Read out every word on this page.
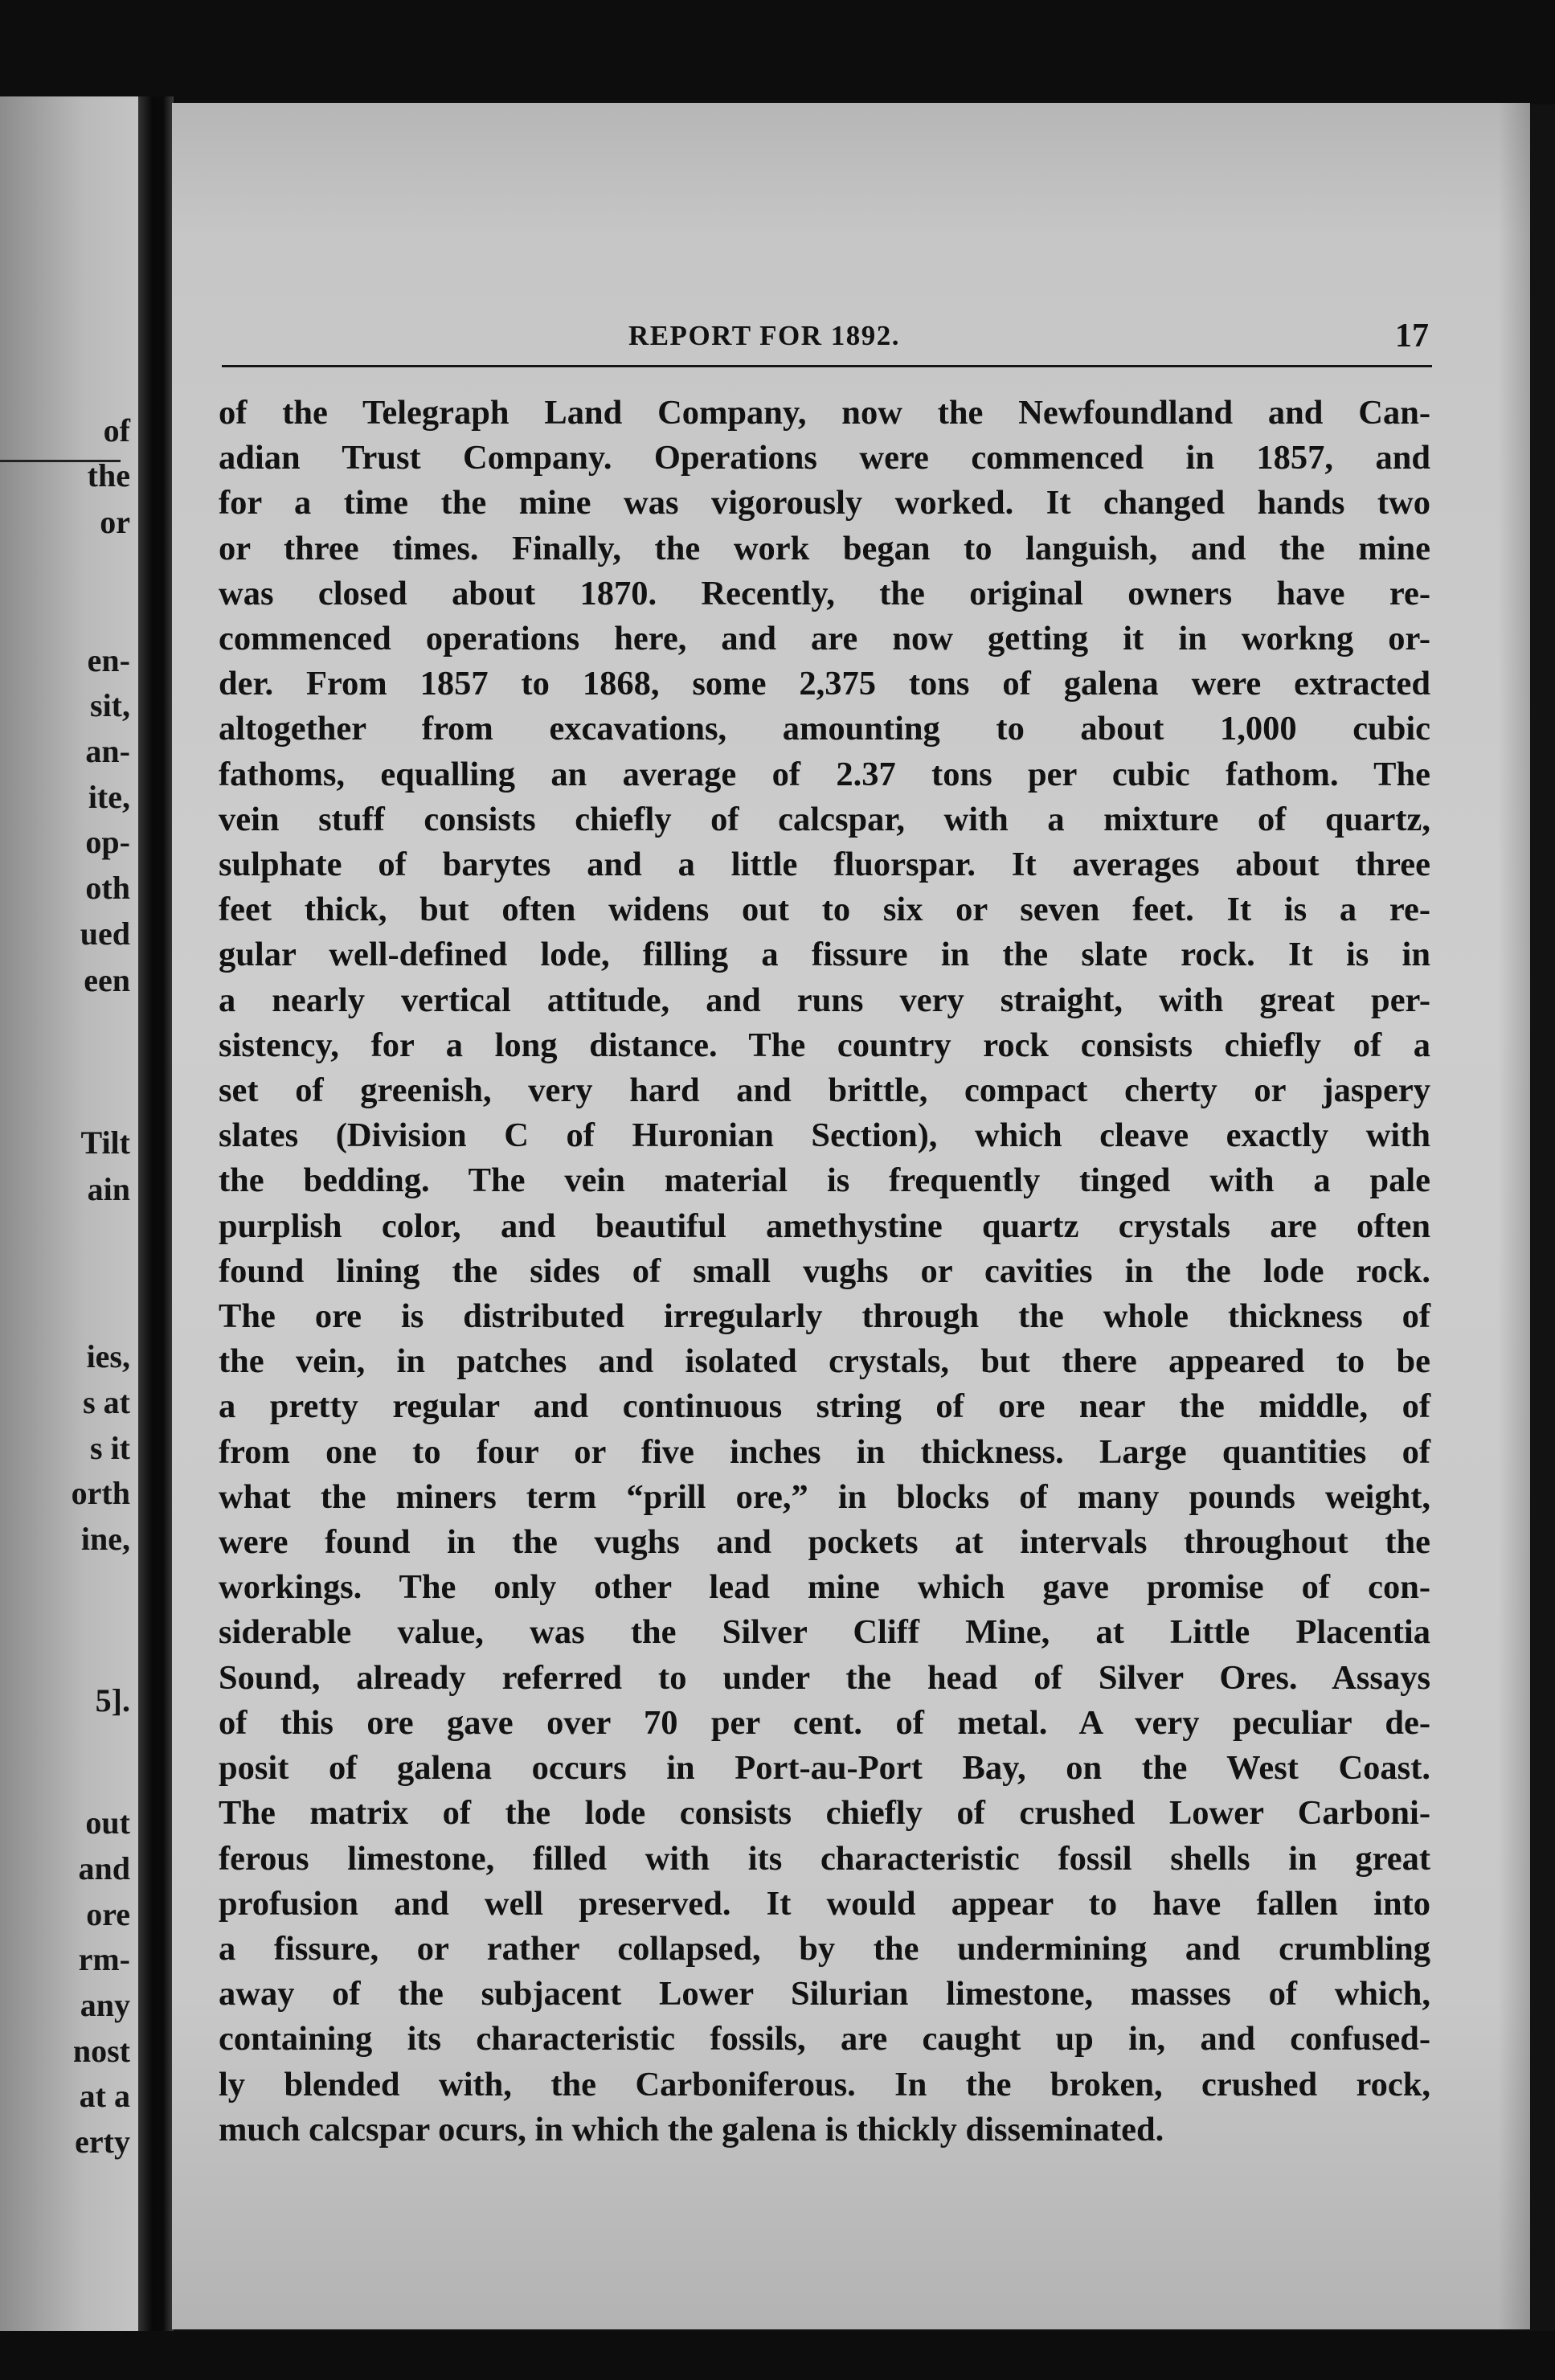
of

the

or

en-

sit,

an-

ite,

op-

oth

ued

een

Tilt

ain

ies,

s at

s it

orth

ine,

5].

out

and

ore

rm-

any

nost

at a

erty

REPORT FOR 1892.	17

of the Telegraph Land Company, now the Newfoundland and Can-
adian Trust Company. Operations were commenced in 1857, and
for a time the mine was vigorously worked. It changed hands two
or three times. Finally, the work began to languish, and the mine
was closed about 1870. Recently, the original owners have re-
commenced operations here, and are now getting it in workng or-
der. From 1857 to 1868, some 2,375 tons of galena were extracted
altogether from excavations, amounting to about 1,000 cubic
fathoms, equalling an average of 2.37 tons per cubic fathom. The
vein stuff consists chiefly of calcspar, with a mixture of quartz,
sulphate of barytes and a little fluorspar. It averages about three
feet thick, but often widens out to six or seven feet. It is a re-
gular well-defined lode, filling a fissure in the slate rock. It is in
a nearly vertical attitude, and runs very straight, with great per-
sistency, for a long distance. The country rock consists chiefly of a
set of greenish, very hard and brittle, compact cherty or jaspery
slates (Division C of Huronian Section), which cleave exactly with
the bedding. The vein material is frequently tinged with a pale
purplish color, and beautiful amethystine quartz crystals are often
found lining the sides of small vughs or cavities in the lode rock.
The ore is distributed irregularly through the whole thickness of
the vein, in patches and isolated crystals, but there appeared to be
a pretty regular and continuous string of ore near the middle, of
from one to four or five inches in thickness. Large quantities of
what the miners term “prill ore,” in blocks of many pounds weight,
were found in the vughs and pockets at intervals throughout the
workings. The only other lead mine which gave promise of con-
siderable value, was the Silver Cliff Mine, at Little Placentia
Sound, already referred to under the head of Silver Ores. Assays
of this ore gave over 70 per cent. of metal. A very peculiar de-
posit of galena occurs in Port-au-Port Bay, on the West Coast.
The matrix of the lode consists chiefly of crushed Lower Carboni-
ferous limestone, filled with its characteristic fossil shells in great
profusion and well preserved. It would appear to have fallen into
a fissure, or rather collapsed, by the undermining and crumbling
away of the subjacent Lower Silurian limestone, masses of which,
containing its characteristic fossils, are caught up in, and confused-
ly blended with, the Carboniferous. In the broken, crushed rock,
much calcspar ocurs, in which the galena is thickly disseminated.
